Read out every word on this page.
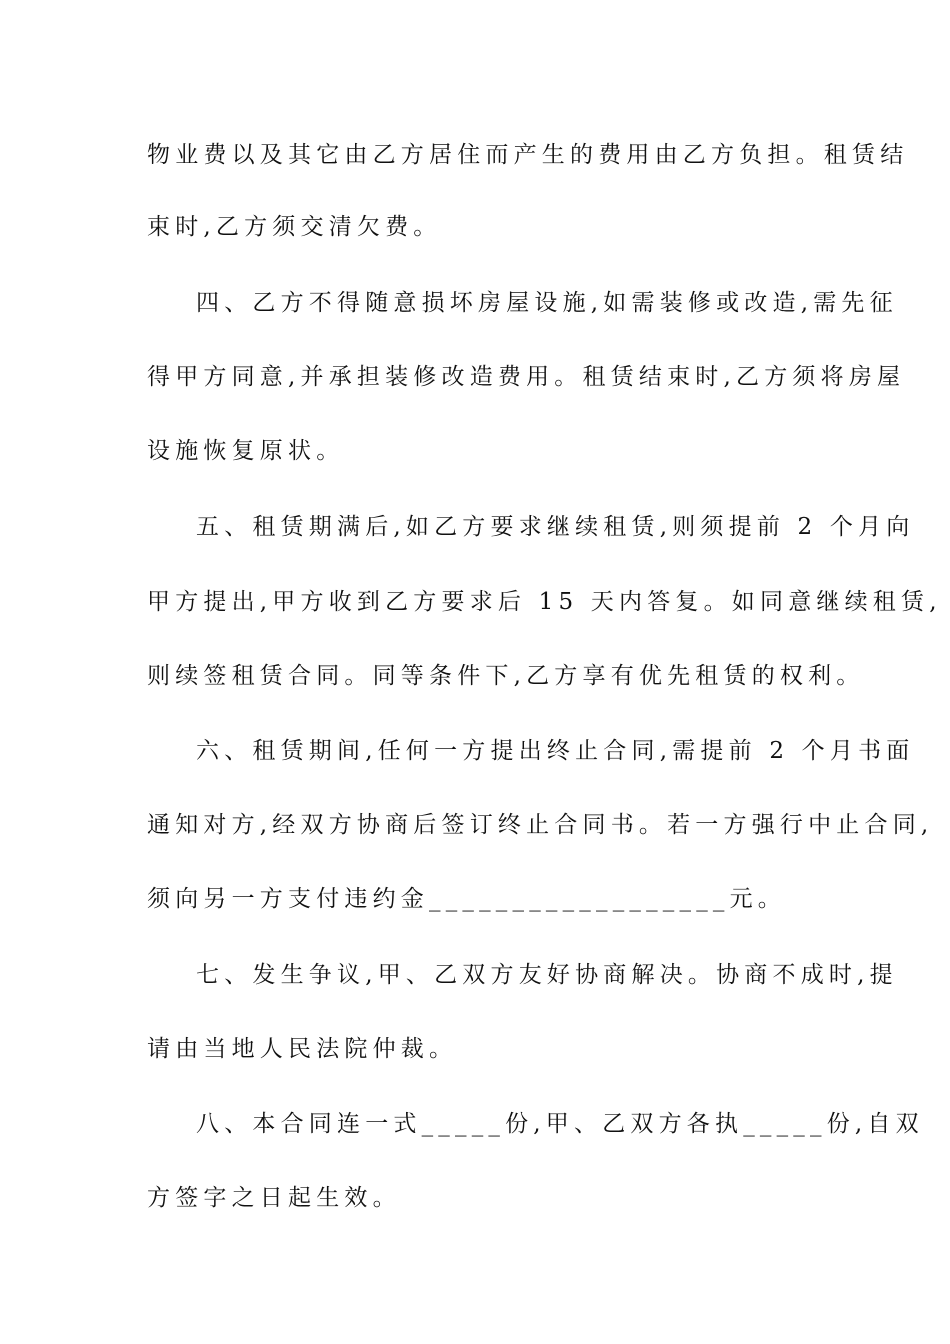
物业费以及其它由乙方居住而产生的费用由乙方负担。租赁结
束时,乙方须交清欠费。
四、乙方不得随意损坏房屋设施,如需装修或改造,需先征
得甲方同意,并承担装修改造费用。租赁结束时,乙方须将房屋
设施恢复原状。
五、租赁期满后,如乙方要求继续租赁,则须提前 2 个月向
甲方提出,甲方收到乙方要求后 15 天内答复。如同意继续租赁,
则续签租赁合同。同等条件下,乙方享有优先租赁的权利。
六、租赁期间,任何一方提出终止合同,需提前 2 个月书面
通知对方,经双方协商后签订终止合同书。若一方强行中止合同,
须向另一方支付违约金__________________元。
七、发生争议,甲、乙双方友好协商解决。协商不成时,提
请由当地人民法院仲裁。
八、本合同连一式_____份,甲、乙双方各执_____份,自双
方签字之日起生效。
